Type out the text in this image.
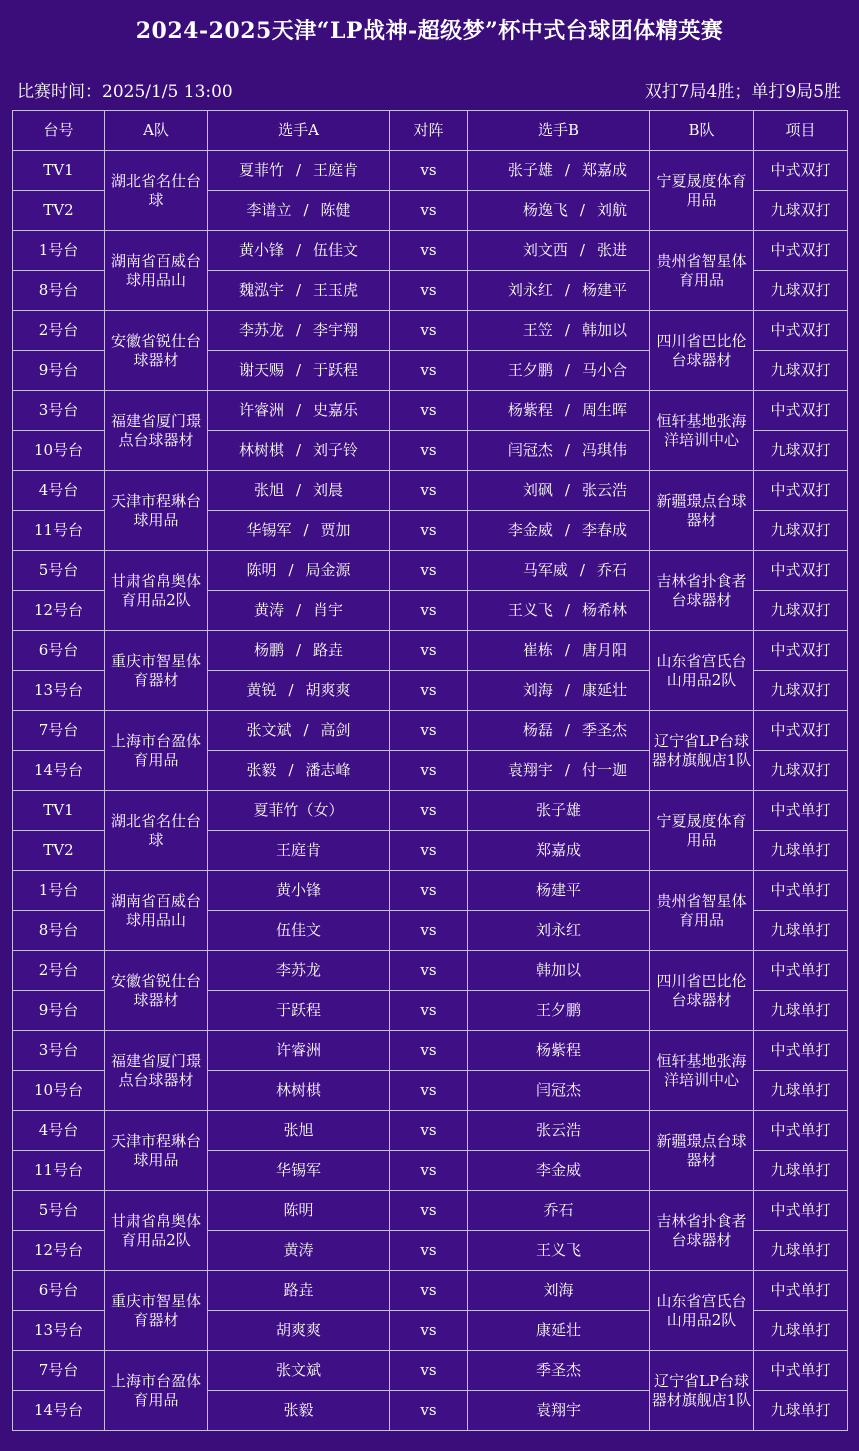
2024-2025天津“LP战神-超级梦”杯中式台球团体精英赛
比赛时间：2025/1/5 13:00	双打7局4胜；单打9局5胜
台号	A队	选手A	对阵	选手B	B队	项目
TV1	湖北省名仕台球	夏菲竹 / 王庭肯	vs	张子雄 / 郑嘉成	宁夏晟度体育用品	中式双打
TV2		李谱立 / 陈健	vs	杨逸飞 / 刘航		九球双打
1号台	湖南省百威台球用品山	黄小锋 / 伍佳文	vs	刘文西 / 张进	贵州省智星体育用品	中式双打
8号台		魏泓宇 / 王玉虎	vs	刘永红 / 杨建平		九球双打
2号台	安徽省锐仕台球器材	李苏龙 / 李宇翔	vs	王笠 / 韩加以	四川省巴比伦台球器材	中式双打
9号台		谢天赐 / 于跃程	vs	王夕鹏 / 马小合		九球双打
3号台	福建省厦门璟点台球器材	许睿洲 / 史嘉乐	vs	杨紫程 / 周生晖	恒轩基地张海洋培训中心	中式双打
10号台		林树棋 / 刘子铃	vs	闫冠杰 / 冯琪伟		九球双打
4号台	天津市程琳台球用品	张旭 / 刘晨	vs	刘砜 / 张云浩	新疆璟点台球器材	中式双打
11号台		华锡军 / 贾加	vs	李金威 / 李春成		九球双打
5号台	甘肃省帛奥体育用品2队	陈明 / 局金源	vs	马军威 / 乔石	吉林省扑食者台球器材	中式双打
12号台		黄涛 / 肖宇	vs	王义飞 / 杨希林		九球双打
6号台	重庆市智星体育器材	杨鹏 / 路垚	vs	崔栋 / 唐月阳	山东省宫氏台山用品2队	中式双打
13号台		黄锐 / 胡爽爽	vs	刘海 / 康延壮		九球双打
7号台	上海市台盈体育用品	张文斌 / 高剑	vs	杨磊 / 季圣杰	辽宁省LP台球器材旗舰店1队	中式双打
14号台		张毅 / 潘志峰	vs	袁翔宇 / 付一迦		九球双打
TV1	湖北省名仕台球	夏菲竹（女）	vs	张子雄	宁夏晟度体育用品	中式单打
TV2		王庭肯	vs	郑嘉成		九球单打
1号台	湖南省百威台球用品山	黄小锋	vs	杨建平	贵州省智星体育用品	中式单打
8号台		伍佳文	vs	刘永红		九球单打
2号台	安徽省锐仕台球器材	李苏龙	vs	韩加以	四川省巴比伦台球器材	中式单打
9号台		于跃程	vs	王夕鹏		九球单打
3号台	福建省厦门璟点台球器材	许睿洲	vs	杨紫程	恒轩基地张海洋培训中心	中式单打
10号台		林树棋	vs	闫冠杰		九球单打
4号台	天津市程琳台球用品	张旭	vs	张云浩	新疆璟点台球器材	中式单打
11号台		华锡军	vs	李金威		九球单打
5号台	甘肃省帛奥体育用品2队	陈明	vs	乔石	吉林省扑食者台球器材	中式单打
12号台		黄涛	vs	王义飞		九球单打
6号台	重庆市智星体育器材	路垚	vs	刘海	山东省宫氏台山用品2队	中式单打
13号台		胡爽爽	vs	康延壮		九球单打
7号台	上海市台盈体育用品	张文斌	vs	季圣杰	辽宁省LP台球器材旗舰店1队	中式单打
14号台		张毅	vs	袁翔宇		九球单打
